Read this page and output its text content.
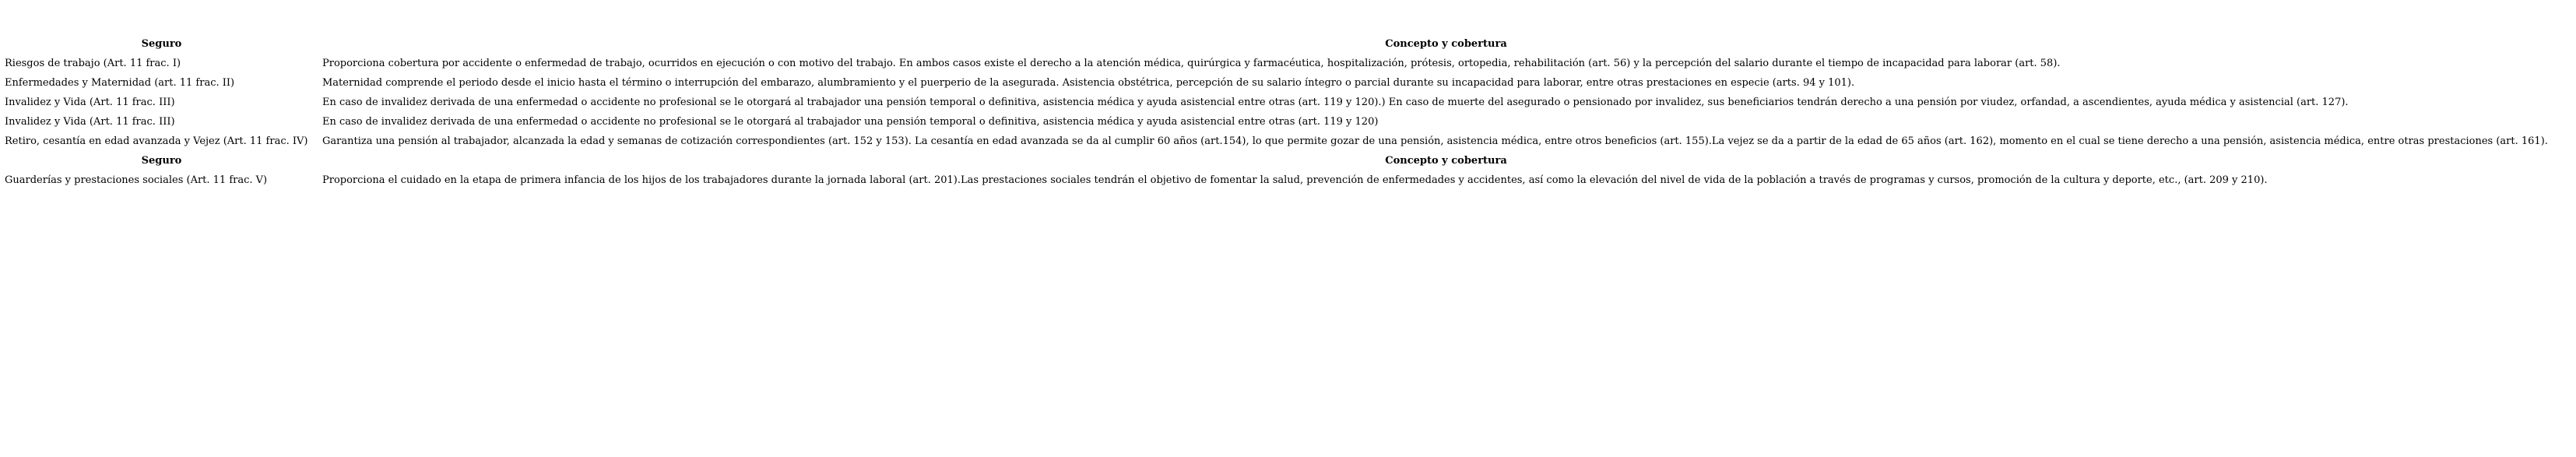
Seguro	Concepto y cobertura
Riesgos de trabajo (Art. 11 frac. I)	Proporciona cobertura por accidente o enfermedad de trabajo, ocurridos en ejecución o con motivo del trabajo. En ambos casos existe el derecho a la atención médica, quirúrgica y farmacéutica, hospitalización, prótesis, ortopedia, rehabilitación (art. 56) y la percepción del salario durante el tiempo de incapacidad para laborar (art. 58).
Enfermedades y Maternidad (art. 11 frac. II)	Maternidad comprende el periodo desde el inicio hasta el término o interrupción del embarazo, alumbramiento y el puerperio de la asegurada. Asistencia obstétrica, percepción de su salario íntegro o parcial durante su incapacidad para laborar, entre otras prestaciones en especie (arts. 94 y 101).
Invalidez y Vida (Art. 11 frac. III)	En caso de invalidez derivada de una enfermedad o accidente no profesional se le otorgará al trabajador una pensión temporal o definitiva, asistencia médica y ayuda asistencial entre otras (art. 119 y 120).) En caso de muerte del asegurado o pensionado por invalidez, sus beneficiarios tendrán derecho a una pensión por viudez, orfandad, a ascendientes, ayuda médica y asistencial (art. 127).
Invalidez y Vida (Art. 11 frac. III)	En caso de invalidez derivada de una enfermedad o accidente no profesional se le otorgará al trabajador una pensión temporal o definitiva, asistencia médica y ayuda asistencial entre otras (art. 119 y 120)
Retiro, cesantía en edad avanzada y Vejez (Art. 11 frac. IV)	Garantiza una pensión al trabajador, alcanzada la edad y semanas de cotización correspondientes (art. 152 y 153). La cesantía en edad avanzada se da al cumplir 60 años (art.154), lo que permite gozar de una pensión, asistencia médica, entre otros beneficios (art. 155).La vejez se da a partir de la edad de 65 años (art. 162), momento en el cual se tiene derecho a una pensión, asistencia médica, entre otras prestaciones (art. 161).
Seguro	Concepto y cobertura
Guarderías y prestaciones sociales (Art. 11 frac. V)	Proporciona el cuidado en la etapa de primera infancia de los hijos de los trabajadores durante la jornada laboral (art. 201).Las prestaciones sociales tendrán el objetivo de fomentar la salud, prevención de enfermedades y accidentes, así como la elevación del nivel de vida de la población a través de programas y cursos, promoción de la cultura y deporte, etc., (art. 209 y 210).
